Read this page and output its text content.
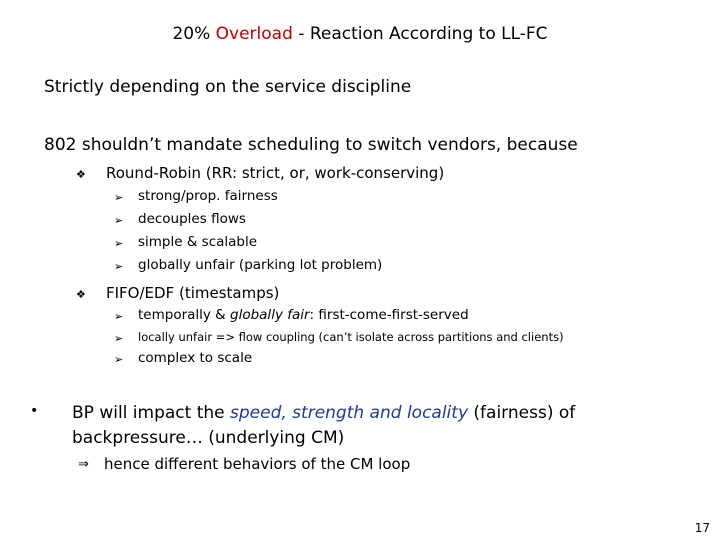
20% Overload - Reaction According to LL-FC
Strictly depending on the service discipline
802 shouldn’t mandate scheduling to switch vendors, because
❖ Round-Robin (RR: strict, or, work-conserving)
➢ strong/prop. fairness
➢ decouples flows
➢ simple & scalable
➢ globally unfair (parking lot problem)
❖ FIFO/EDF (timestamps)
➢ temporally & globally fair: first-come-first-served
➢ locally unfair => flow coupling (can’t isolate across partitions and clients)
➢ complex to scale
• BP will impact the speed, strength and locality (fairness) of
backpressure… (underlying CM)
⇒ hence different behaviors of the CM loop
17
